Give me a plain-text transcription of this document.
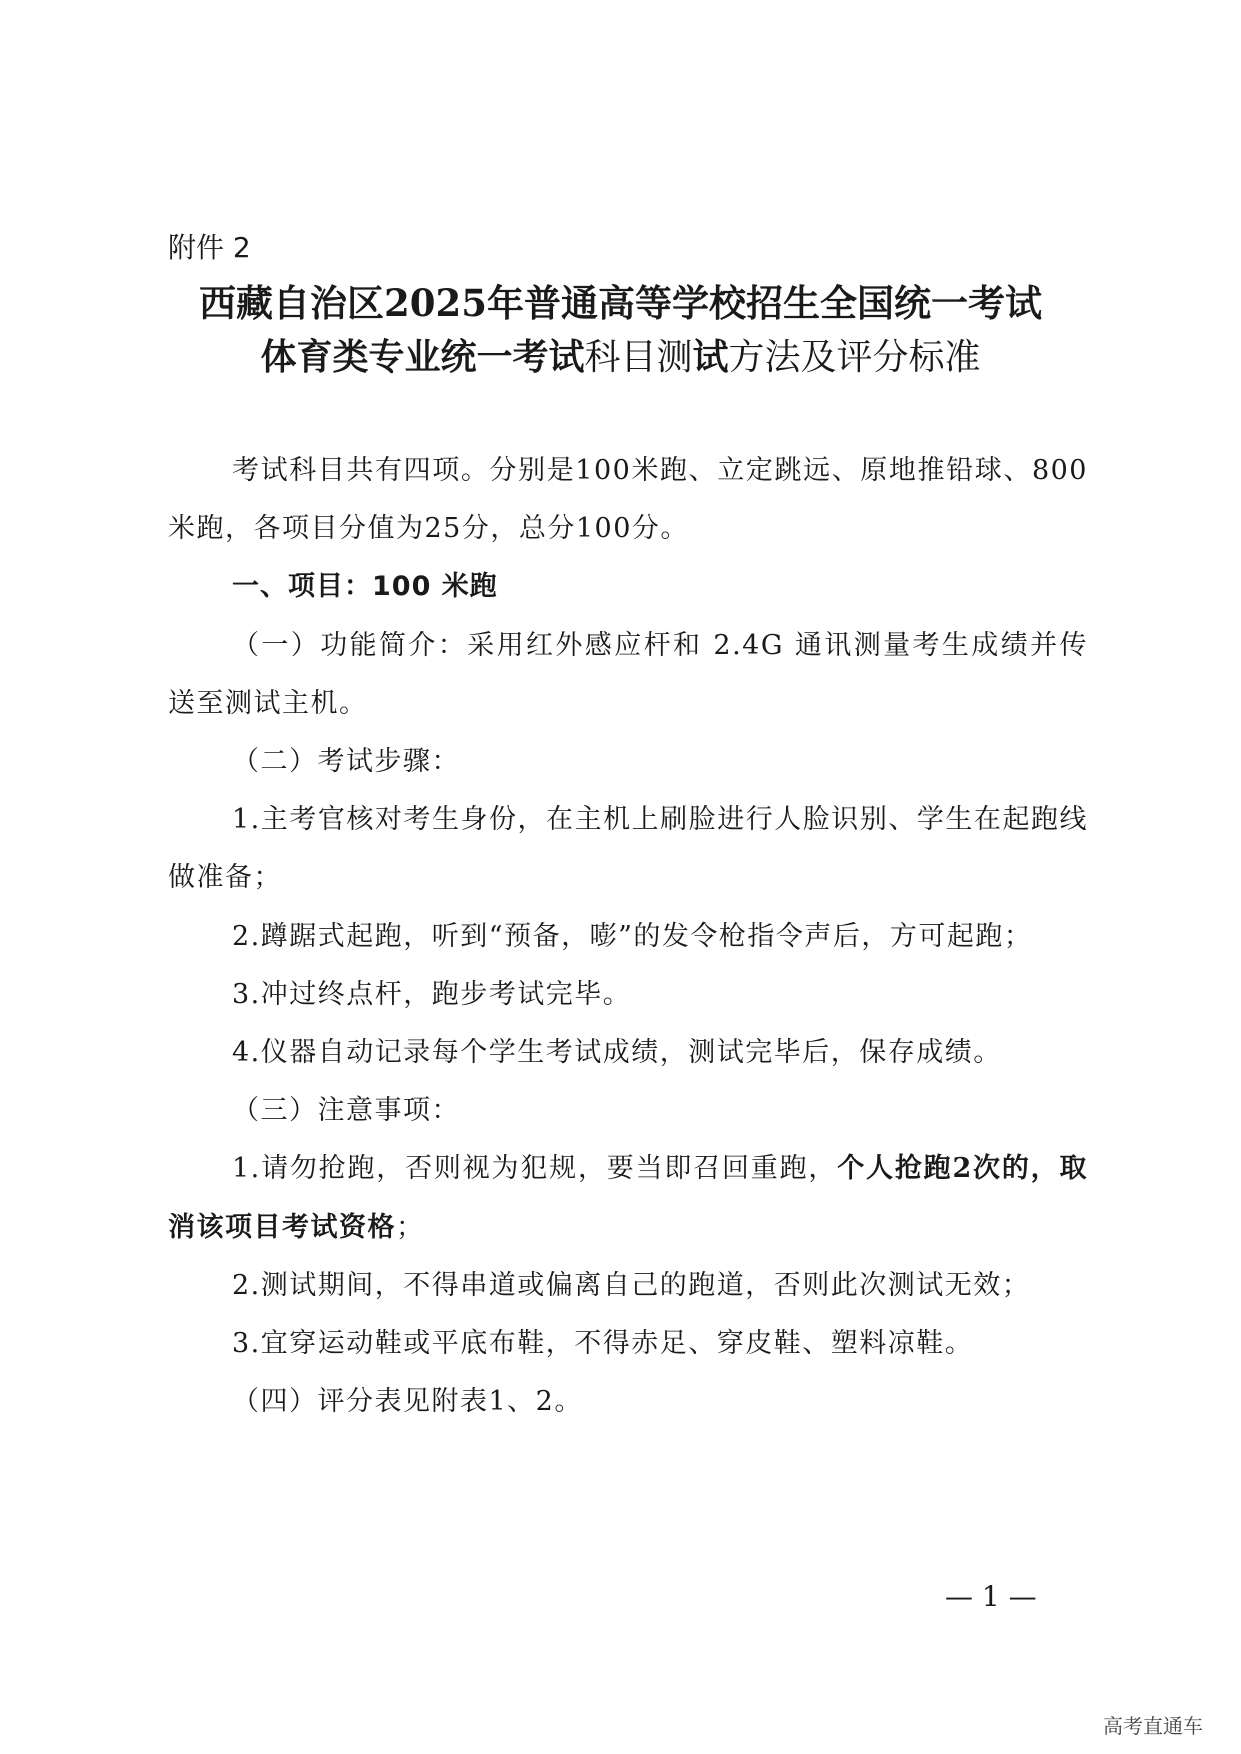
附件 2
西藏自治区2025年普通高等学校招生全国统一考试
体育类专业统一考试科目测试方法及评分标准

考试科目共有四项。分别是100米跑、立定跳远、原地推铅球、800米跑，各项目分值为25分，总分100分。

一、项目：100 米跑

（一）功能简介：采用红外感应杆和 2.4G 通讯测量考生成绩并传送至测试主机。

（二）考试步骤：

1.主考官核对考生身份，在主机上刷脸进行人脸识别、学生在起跑线做准备；

2.蹲踞式起跑，听到“预备，嘭”的发令枪指令声后，方可起跑；

3.冲过终点杆，跑步考试完毕。

4.仪器自动记录每个学生考试成绩，测试完毕后，保存成绩。

（三）注意事项：

1.请勿抢跑，否则视为犯规，要当即召回重跑，个人抢跑2次的，取消该项目考试资格；

2.测试期间，不得串道或偏离自己的跑道，否则此次测试无效；

3.宜穿运动鞋或平底布鞋，不得赤足、穿皮鞋、塑料凉鞋。

（四）评分表见附表1、2。

— 1 —
高考直通车
